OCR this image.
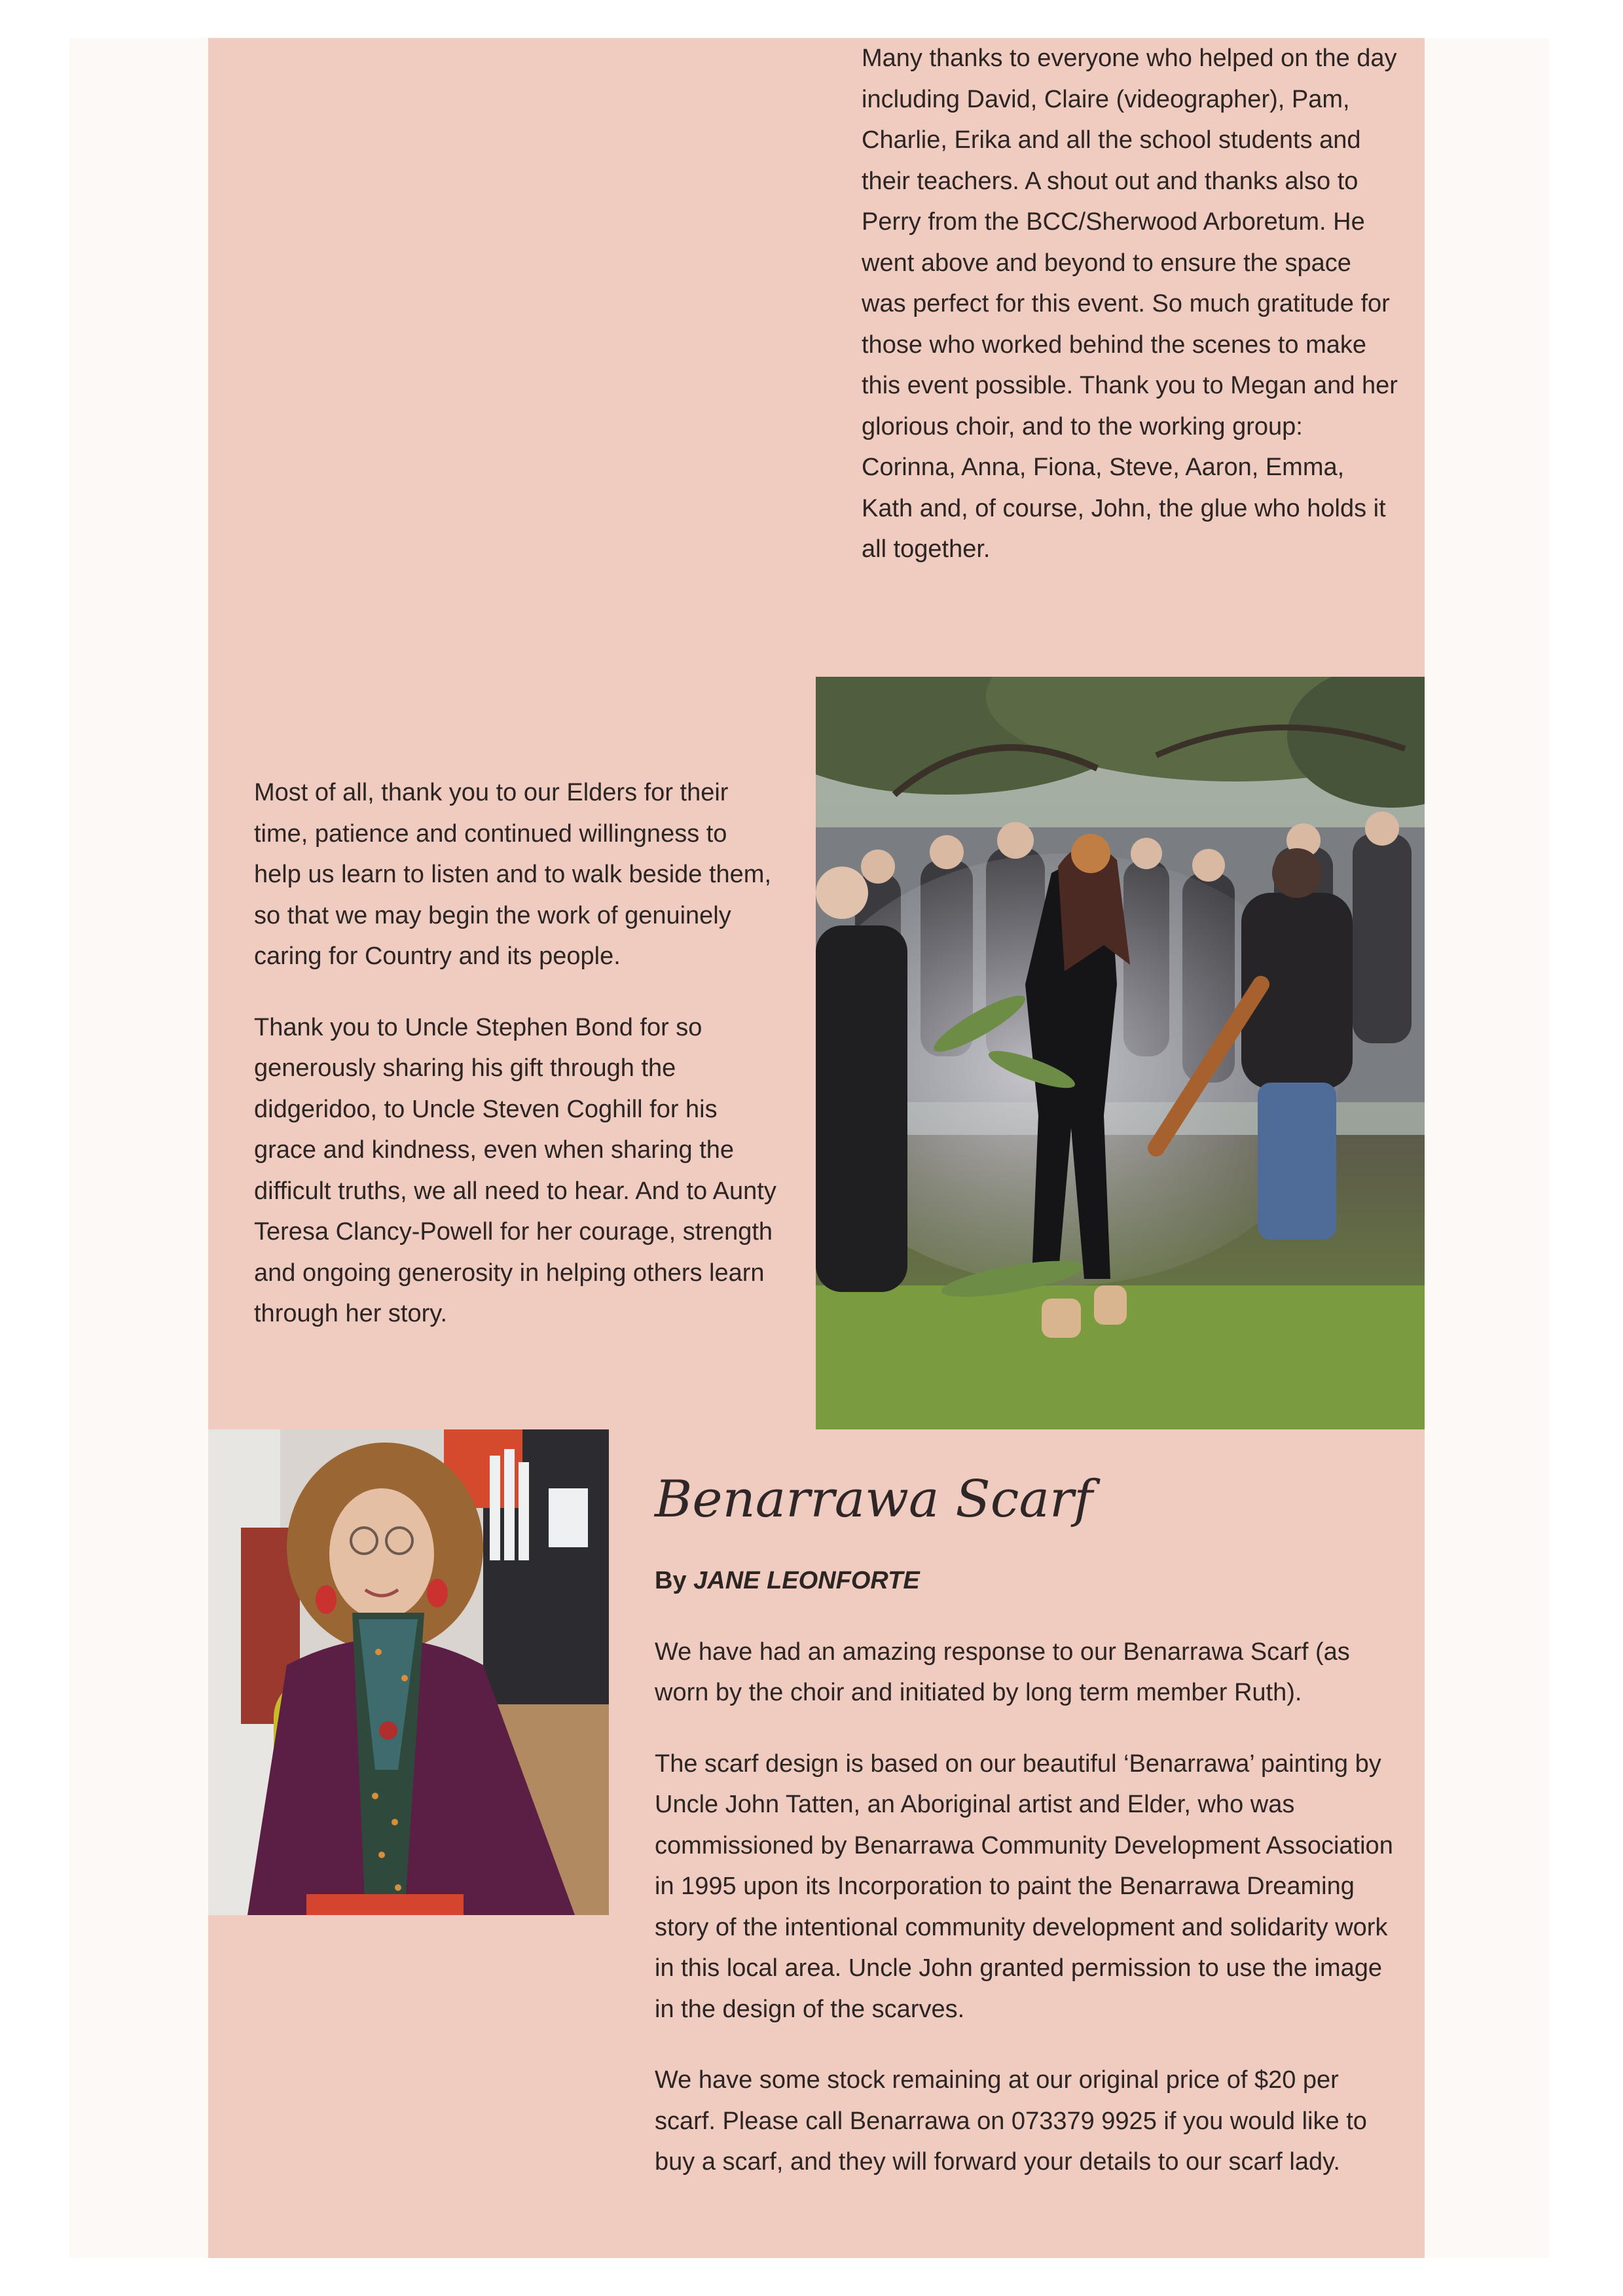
Many thanks to everyone who helped on the day including David, Claire (videographer), Pam, Charlie, Erika and all the school students and their teachers. A shout out and thanks also to Perry from the BCC/Sherwood Arboretum. He went above and beyond to ensure the space was perfect for this event. So much gratitude for those who worked behind the scenes to make this event possible. Thank you to Megan and her glorious choir, and to the working group: Corinna, Anna, Fiona, Steve, Aaron, Emma, Kath and, of course, John, the glue who holds it all together.

Most of all, thank you to our Elders for their time, patience and continued willingness to help us learn to listen and to walk beside them, so that we may begin the work of genuinely caring for Country and its people.

Thank you to Uncle Stephen Bond for so generously sharing his gift through the didgeridoo, to Uncle Steven Coghill for his grace and kindness, even when sharing the difficult truths, we all need to hear. And to Aunty Teresa Clancy-Powell for her courage, strength and ongoing generosity in helping others learn through her story.

Benarrawa Scarf

By JANE LEONFORTE

We have had an amazing response to our Benarrawa Scarf (as worn by the choir and initiated by long term member Ruth).

The scarf design is based on our beautiful ‘Benarrawa’ painting by Uncle John Tatten, an Aboriginal artist and Elder, who was commissioned by Benarrawa Community Development Association in 1995 upon its Incorporation to paint the Benarrawa Dreaming story of the intentional community development and solidarity work in this local area. Uncle John granted permission to use the image in the design of the scarves.

We have some stock remaining at our original price of $20 per scarf. Please call Benarrawa on 073379 9925 if you would like to buy a scarf, and they will forward your details to our scarf lady.
